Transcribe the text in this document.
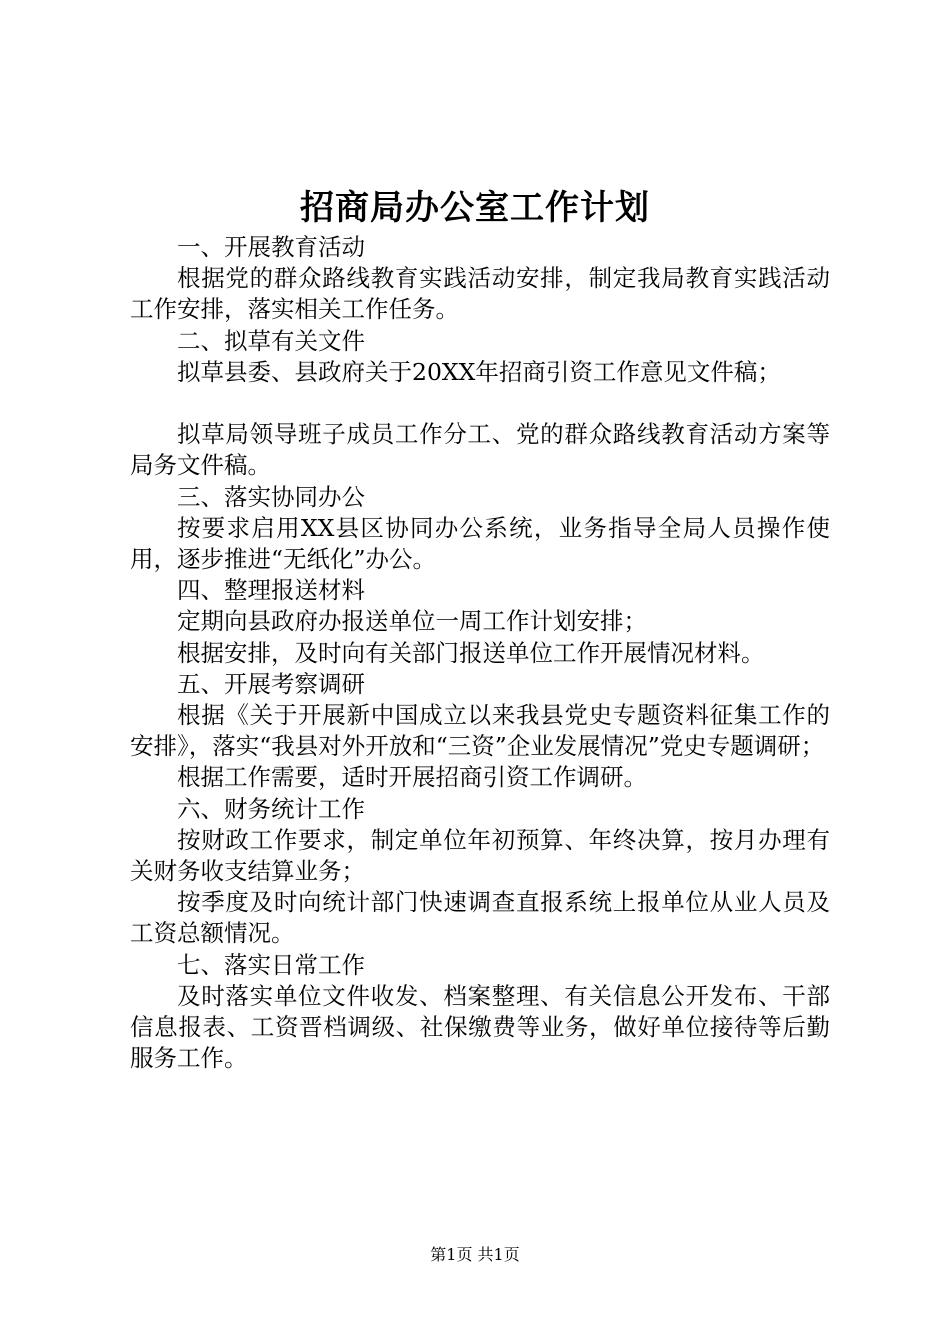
招商局办公室工作计划

一、开展教育活动

根据党的群众路线教育实践活动安排，制定我局教育实践活动工作安排，落实相关工作任务。

二、拟草有关文件

拟草县委、县政府关于20XX年招商引资工作意见文件稿；

拟草局领导班子成员工作分工、党的群众路线教育活动方案等局务文件稿。

三、落实协同办公

按要求启用XX县区协同办公系统，业务指导全局人员操作使用，逐步推进“无纸化”办公。

四、整理报送材料

定期向县政府办报送单位一周工作计划安排；

根据安排，及时向有关部门报送单位工作开展情况材料。

五、开展考察调研

根据《关于开展新中国成立以来我县党史专题资料征集工作的安排》，落实“我县对外开放和“三资”企业发展情况”党史专题调研；

根据工作需要，适时开展招商引资工作调研。

六、财务统计工作

按财政工作要求，制定单位年初预算、年终决算，按月办理有关财务收支结算业务；

按季度及时向统计部门快速调查直报系统上报单位从业人员及工资总额情况。

七、落实日常工作

及时落实单位文件收发、档案整理、有关信息公开发布、干部信息报表、工资晋档调级、社保缴费等业务，做好单位接待等后勤服务工作。

第1页 共1页
